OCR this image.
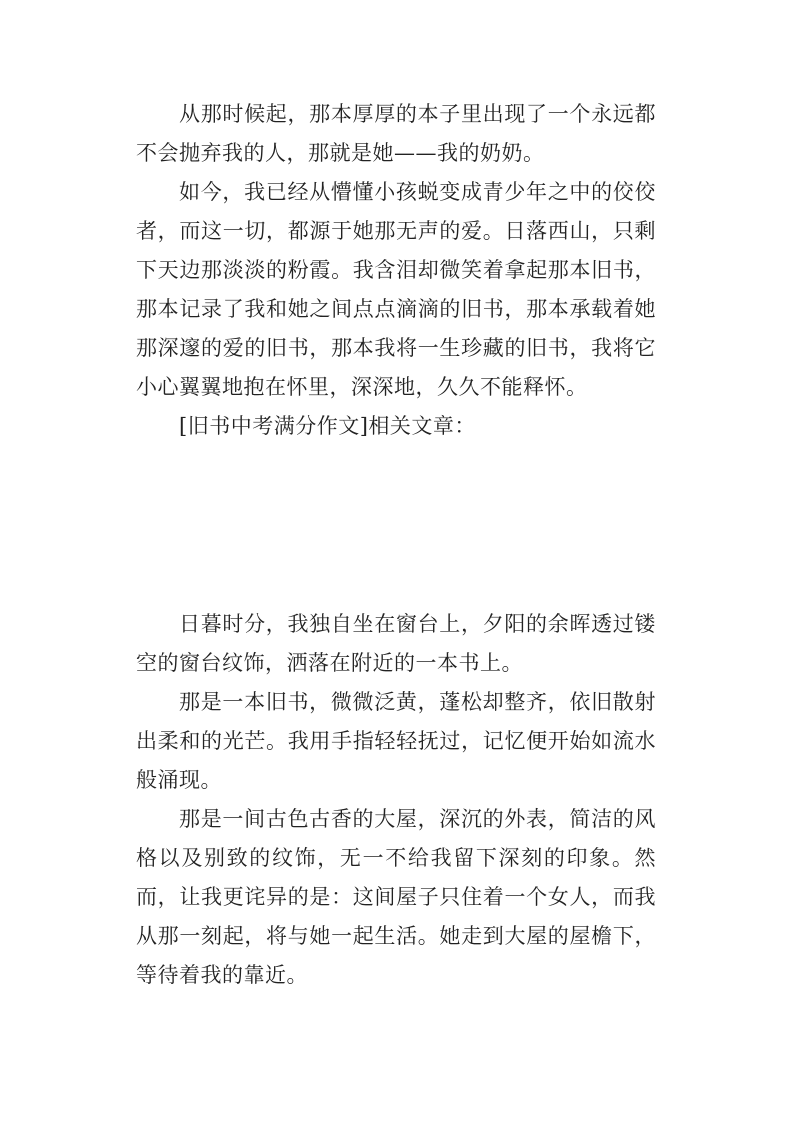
从那时候起，那本厚厚的本子里出现了一个永远都不会抛弃我的人，那就是她——我的奶奶。

如今，我已经从懵懂小孩蜕变成青少年之中的佼佼者，而这一切，都源于她那无声的爱。日落西山，只剩下天边那淡淡的粉霞。我含泪却微笑着拿起那本旧书，那本记录了我和她之间点点滴滴的旧书，那本承载着她那深邃的爱的旧书，那本我将一生珍藏的旧书，我将它小心翼翼地抱在怀里，深深地，久久不能释怀。

[旧书中考满分作文]相关文章：

日暮时分，我独自坐在窗台上，夕阳的余晖透过镂空的窗台纹饰，洒落在附近的一本书上。

那是一本旧书，微微泛黄，蓬松却整齐，依旧散射出柔和的光芒。我用手指轻轻抚过，记忆便开始如流水般涌现。

那是一间古色古香的大屋，深沉的外表，简洁的风格以及别致的纹饰，无一不给我留下深刻的印象。然而，让我更诧异的是：这间屋子只住着一个女人，而我从那一刻起，将与她一起生活。她走到大屋的屋檐下，等待着我的靠近。
